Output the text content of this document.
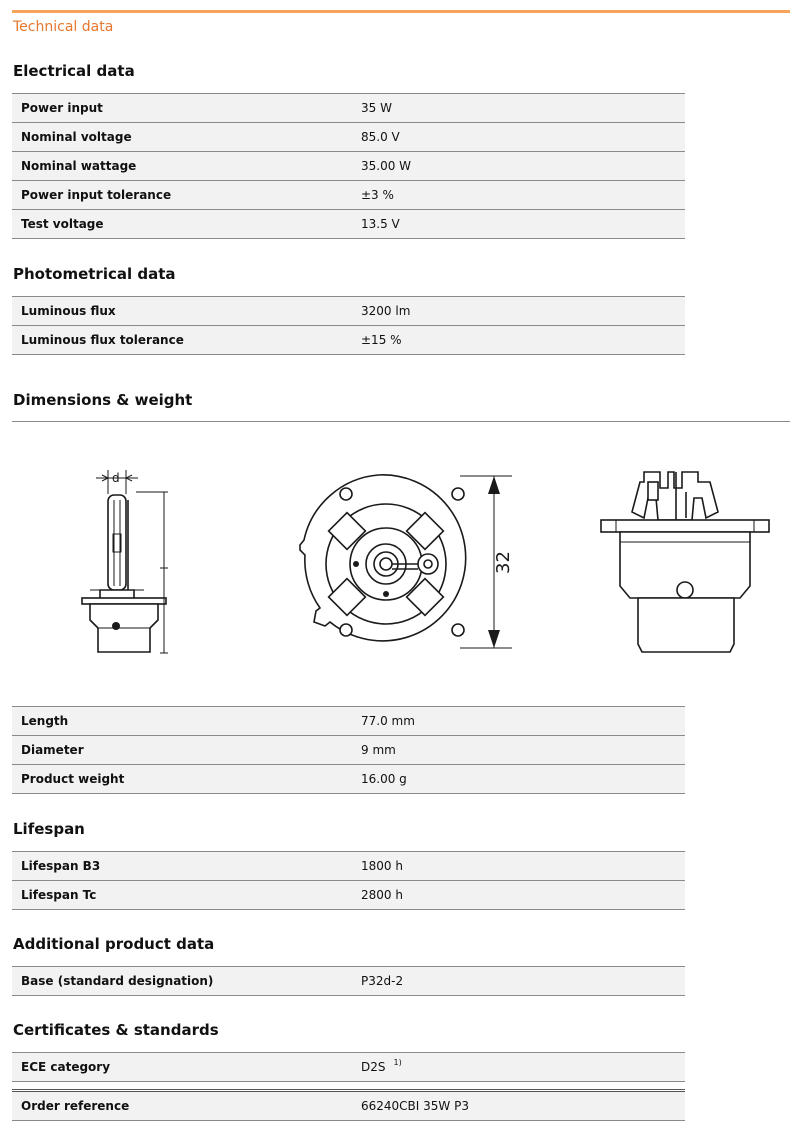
Technical data
Electrical data
Power input	35 W
Nominal voltage	85.0 V
Nominal wattage	35.00 W
Power input tolerance	±3 %
Test voltage	13.5 V
Photometrical data
Luminous flux	3200 lm
Luminous flux tolerance	±15 %
Dimensions & weight
d
32
Length	77.0 mm
Diameter	9 mm
Product weight	16.00 g
Lifespan
Lifespan B3	1800 h
Lifespan Tc	2800 h
Additional product data
Base (standard designation)	P32d-2
Certificates & standards
ECE category	D2S $^{1)}$
Order reference	66240CBI 35W P3
